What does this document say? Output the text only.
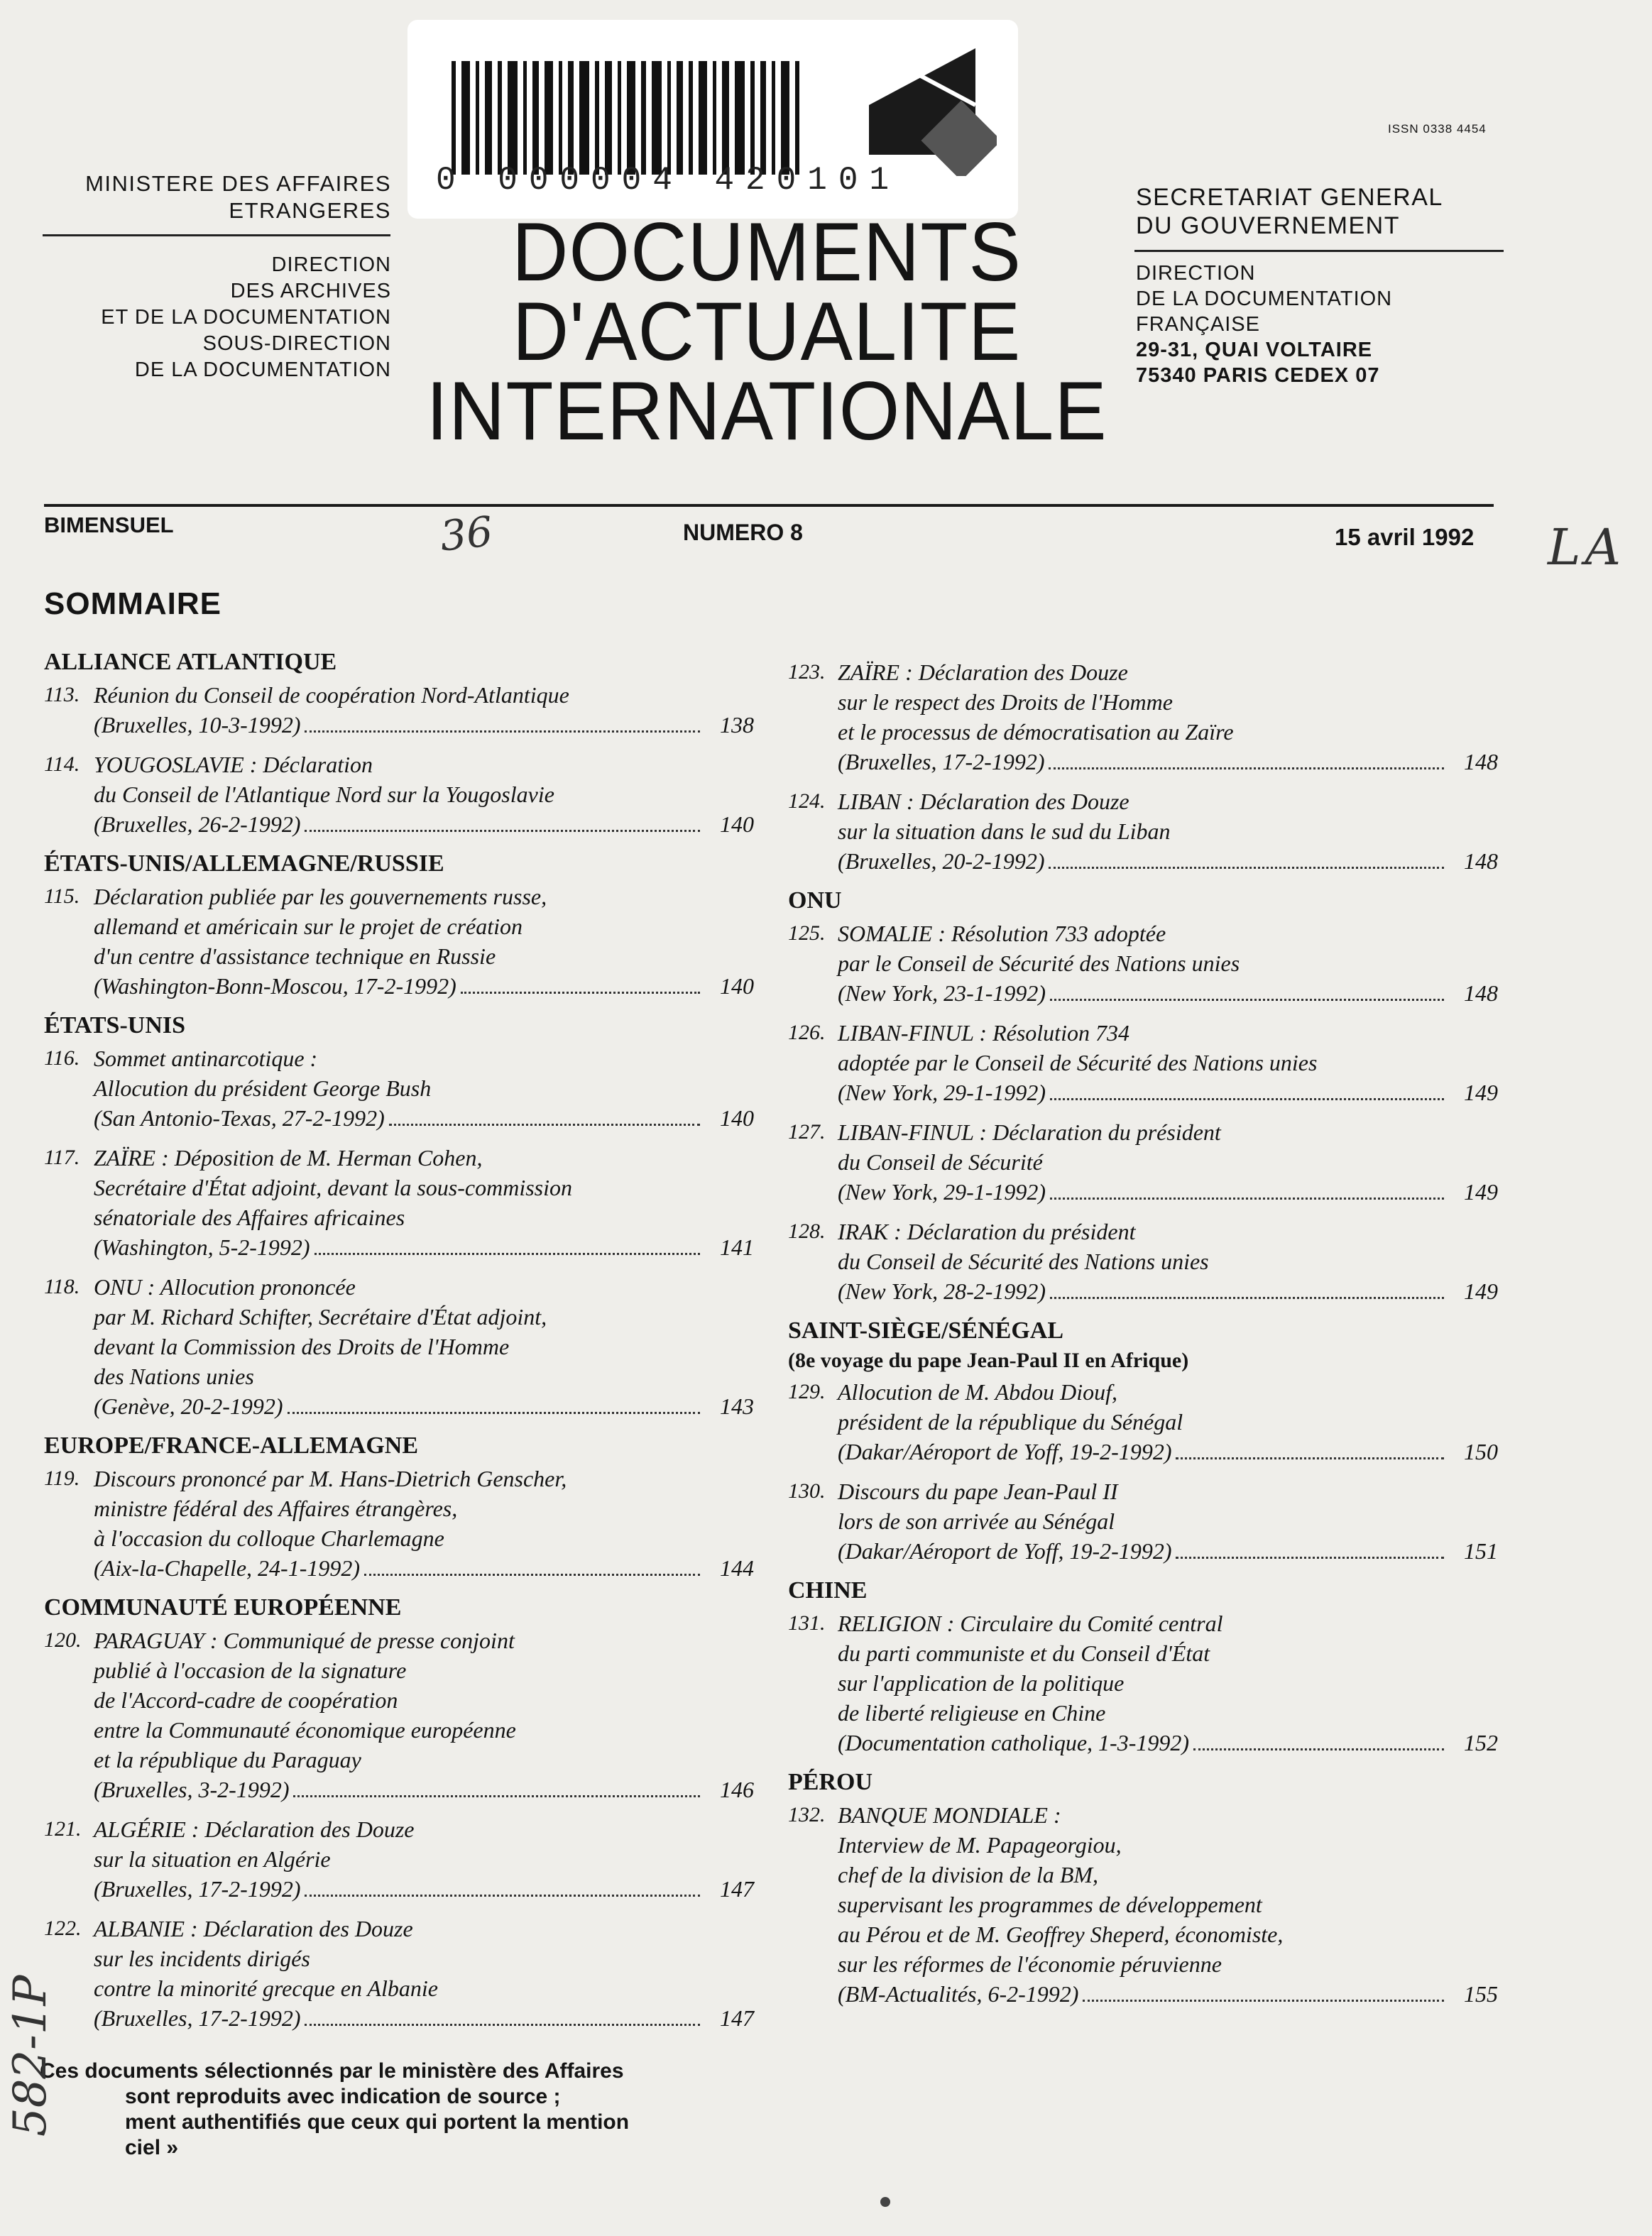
0 000004 420101
ISSN 0338 4454
MINISTERE DES AFFAIRES
ETRANGERES
DIRECTION
DES ARCHIVES
ET DE LA DOCUMENTATION
SOUS-DIRECTION
DE LA DOCUMENTATION
SECRETARIAT GENERAL
DU GOUVERNEMENT
DIRECTION
DE LA DOCUMENTATION
FRANÇAISE
29-31, QUAI VOLTAIRE
75340 PARIS CEDEX 07
DOCUMENTS
D'ACTUALITE
INTERNATIONALE
BIMENSUEL	36	NUMERO 8	15 avril 1992 LA
SOMMAIRE
ALLIANCE ATLANTIQUE
113. Réunion du Conseil de coopération Nord-Atlantique
(Bruxelles, 10-3-1992)	138
114. YOUGOSLAVIE : Déclaration
du Conseil de l'Atlantique Nord sur la Yougoslavie
(Bruxelles, 26-2-1992)	140
ÉTATS-UNIS/ALLEMAGNE/RUSSIE
115. Déclaration publiée par les gouvernements russe,
allemand et américain sur le projet de création
d'un centre d'assistance technique en Russie
(Washington-Bonn-Moscou, 17-2-1992)	140
ÉTATS-UNIS
116. Sommet antinarcotique :
Allocution du président George Bush
(San Antonio-Texas, 27-2-1992)	140
117. ZAÏRE : Déposition de M. Herman Cohen,
Secrétaire d'État adjoint, devant la sous-commission
sénatoriale des Affaires africaines
(Washington, 5-2-1992)	141
118. ONU : Allocution prononcée
par M. Richard Schifter, Secrétaire d'État adjoint,
devant la Commission des Droits de l'Homme
des Nations unies
(Genève, 20-2-1992)	143
EUROPE/FRANCE-ALLEMAGNE
119. Discours prononcé par M. Hans-Dietrich Genscher,
ministre fédéral des Affaires étrangères,
à l'occasion du colloque Charlemagne
(Aix-la-Chapelle, 24-1-1992)	144
COMMUNAUTÉ EUROPÉENNE
120. PARAGUAY : Communiqué de presse conjoint
publié à l'occasion de la signature
de l'Accord-cadre de coopération
entre la Communauté économique européenne
et la république du Paraguay
(Bruxelles, 3-2-1992)	146
121. ALGÉRIE : Déclaration des Douze
sur la situation en Algérie
(Bruxelles, 17-2-1992)	147
122. ALBANIE : Déclaration des Douze
sur les incidents dirigés
contre la minorité grecque en Albanie
(Bruxelles, 17-2-1992)	147
123. ZAÏRE : Déclaration des Douze
sur le respect des Droits de l'Homme
et le processus de démocratisation au Zaïre
(Bruxelles, 17-2-1992)	148
124. LIBAN : Déclaration des Douze
sur la situation dans le sud du Liban
(Bruxelles, 20-2-1992)	148
ONU
125. SOMALIE : Résolution 733 adoptée
par le Conseil de Sécurité des Nations unies
(New York, 23-1-1992)	148
126. LIBAN-FINUL : Résolution 734
adoptée par le Conseil de Sécurité des Nations unies
(New York, 29-1-1992)	149
127. LIBAN-FINUL : Déclaration du président
du Conseil de Sécurité
(New York, 29-1-1992)	149
128. IRAK : Déclaration du président
du Conseil de Sécurité des Nations unies
(New York, 28-2-1992)	149
SAINT-SIÈGE/SÉNÉGAL
(8e voyage du pape Jean-Paul II en Afrique)
129. Allocution de M. Abdou Diouf,
président de la république du Sénégal
(Dakar/Aéroport de Yoff, 19-2-1992)	150
130. Discours du pape Jean-Paul II
lors de son arrivée au Sénégal
(Dakar/Aéroport de Yoff, 19-2-1992)	151
CHINE
131. RELIGION : Circulaire du Comité central
du parti communiste et du Conseil d'État
sur l'application de la politique
de liberté religieuse en Chine
(Documentation catholique, 1-3-1992)	152
PÉROU
132. BANQUE MONDIALE :
Interview de M. Papageorgiou,
chef de la division de la BM,
supervisant les programmes de développement
au Pérou et de M. Geoffrey Sheperd, économiste,
sur les réformes de l'économie péruvienne
(BM-Actualités, 6-2-1992)	155
Ces documents sélectionnés par le ministère des Affaires
sont reproduits avec indication de source ;
ment authentifiés que ceux qui portent la mention
ciel »
582-1P
